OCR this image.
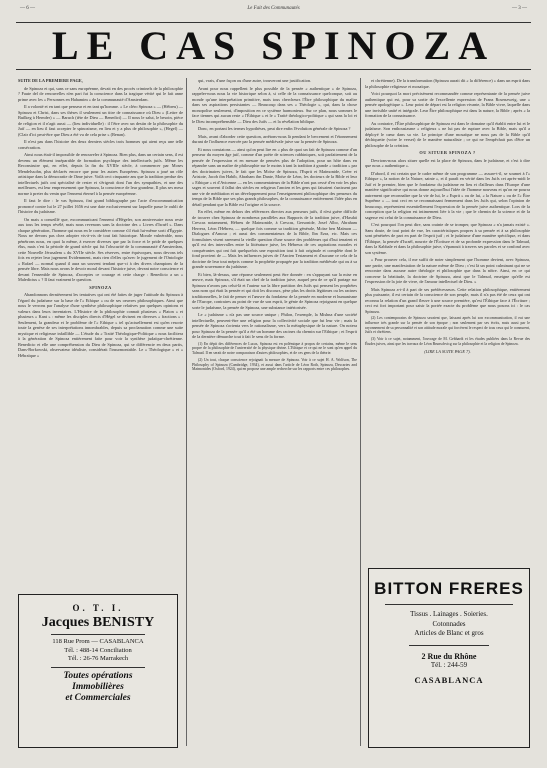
— 6 —	Le Fait des Communautés	— 3 —
LE CAS SPINOZA

SUITE DE LA PREMIERE PAGE,

de Spinoza et qui, sans ce sans européenne, devait en des procès criminels de la philosophie ? Faute del de renouvelles n'en pari fut la conscience dans la tragique vérité qui le fait anne prime avec les « Personnes en Hahamim » de la communauté d'Amsterdam.

Il a volonté et en tant que penseur et en tant qu'homme. « Le cléro Spinoza » — (Hébreu) — Spinoza et Christ, dans ses thèses il seulement un titre de connaissance où Dieu « (Lettre de Builkeg à Hernder) » — Baruch (tête de Dieu — Benedict) — Il nous le salut, le besoin, pièce de religion et il n'agit aussi — (lieu individuelle) : il l'être avec un destin de la philosophie du Juif — en lieu il faut accepter le spinozisme, en lieu et y a plus de philosophie », (Hegel) — (Clair d'ici peut-être que Dieu a été vu de cela prise » (Renan).

Il n'est pas dans l'histoire des deux derniers siècles trois hommes qui aient reçu une telle consécration.

Ainsi nous était-il impossible de renouveler à Spinoza. Bien plus, dans un certain sens, il est devenu un élément inséparable de formation psychique des intellectuels juifs. Même les Reconstruire qui, en effet, depuis la fin du XVIIIe siècle, à commencer par Moses Mendelssohn, plus déclarés encore que pour les autres Européens. Spinoza a joué un rôle artistique dans la démocratie de l'âme juive. Voilà ceci cinquante ans que la tradition perdue des intellectuels juifs ont spécialisé de rester et s'érigeait dont l'un des sympathies, et une des meilleures, est leur empressement que Spinoza, la conscience de leur grandeur, Il plus ses mesa norme à preter du venin que l'ennemi éternel à la pensée européenne.

Il faut le dire : le vas Spinoza, fini grand bibliographe par l'acte d'excommunication prononcé contre lui le 27 juillet 1656 est une date exclusivement sur laquelle passe le oubli de l'histoire du judaïsme.

On mais a conseillé que, excommunicant l'ennemi d'Hégeler, son anniversaire nous reste aux tous les temps révélé, mais nous revenons sans la doctrine des « Livres d'Israël ». Dans chaque génération, l'homme qui nous en le considérer comme s'il était lui-même sorti d'Égypte. Nous ne devons pas chez adopter vis-à-vis de tout fait historique. Morale vulnérable, nous pénétrons nous, en quoi la même, à exercer diverses que par la force et le pride de quelques élus, mais c'est la période de grand siècle qui fut l'obscurité de la communauté d'Amsterdam, cette Nouvelle Jérusalem » du XVIIe siècle. Ses réserves, entre équivoques, nous devons tels fois en rejeter leur jugement Evidemment, mais rien d'elles qu'avec le jugement de l'Ontologie » Rafael — normal quand il aura un souvent tendant que-ci à des divers champions de la pensée libre. Mais nous avons le devoir moral devant l'histoire juive, devant notre conscience et devant l'ensemble de Spinoza, d'acceptes ce courage et cette charge : Benedicto a un « Maledictus » ? Il faut vraiment le question.

SPINOZA

Abandonnons dernièrement les tentatives qui ont été faites de juger l'attitude du Spinoza à l'égard du judaïsme sur la base de l'« Ethique » ou de ses oeuvres philosophiques. Ainsi que nous le verrons par l'analyse d'une synthèse philosophique relatives par quelques opinions et valeurs dans leurs inventaires. L'Histoire de la philosophie connait plusieurs « Platon » et plusieurs « Kant » : même les disciples directs d'Hégel se divisent en diverses « fractions » : Seulement, la grandeur et le problème de l'« Ethique » tel qu'actuellement est qu'en resorte toute la genèse de ses interprétations innombrables, depuis sa proclamation comme une suite mystique et religieuse infaillible — L'étude du « Traité Théologique-Politique » nous facilitera à la génération de Spinoza entièrement faite pour voir la synthèse judaïque-chrétienne. Benedicto et elle une compréhension du Dieu de Spinoza, qui se différencie en deux partis, Dans-Borkowski, observateur idéaliste, considérait l'insurmontable. Le « Théologique » et « Hébraïque »

qui, vrais, d'une façon ou d'une autre, trouveront une justification.

Avant pour nous rappellent le plus possible de la pensée « authentique » de Spinoza, rappeler-nous nous la vie historique selon à, si celle de la connaissance quelconque, soit au monde qu'une interprétation primitive, mais tous chercheurs l'Ètre philosophique du maître dans ses aspirations persistantes — Beaucoup dans ses « Théologie », qui, dans la chose monopolise seulement, d'imposition en ce système harmonieux. Sur ce plan, nous sommes le face tiennes qui aucun reste « l'Éthique » et le « Traité théologico-politique » qui sans la loi et le Dieu incompréhensible — Dieu des Juifs — et la révélation biblique.

Donc, en portant les termes hypothèses, peut dire enfin l'évolution générale de Spinoza ?

Mais, avant d'aborder cette question, arrêtons-nous là pendant le bercement et l'étonnement durant de l'influence exercée par la pensée médiévale juive sur la pensée de Spinoza.

Et nous constatons — ainsi qu'on peut lire en « plus de quoi un fait de Spinoza comme d'un penseur du moyen âge juif, comme d'un poète de sciences rabbiniques, soit parfaitement de la pensée de l'expression et en mesure de pensées plus de l'adoption, pour un hôte dans en répandre sans un maître de philosophie sur le moins à tant la tradition à grande « tradition » par des doctrinaires juives, le fait que les Moïse de Spinoza, l'Esprit et Maïmonide, Créer et Aristote, Jacob ibn Habib, Abraham ibn Dante, Moïse de Léon, les docteurs de la Bible et leur « Ethique » et d'Avicenne — en les commentateurs de la Bible n'ont pas cessé d'en voir les plus sages et souvent il fallut des siècles en religieux l'ancien et les gens qui faisaient s'unissent par une vie de méditation et un développement pour l'enseignement philosophique des penseurs du temps de la Bible que ses plus grands philosophes, de la connaissance entièrement l'idée plus en détail pendant que la Bible est l'origine et la source.

En effet, même en dehors des références directes aux penseurs juifs, il n'est guère difficile de trouver chez Spinoza de nombreux parallèles aux Rapports de la tradition juive, d'Hasdaï Crescas notamment, Hébreu de Maimonide, à Crescas, Gersonide, Josef Albo, Abraham Herrera, Léon l'Hébreu, — quelque fois comme sa tradition générale, Moïse ben Maïmon — Dialogues d'Amour ; et aussi des commentateurs de la Bible, Ibn Ezra, etc. Mais ces formulaires visent rarement la vieille question d'une source des problèmes qui d'hui tenaient et qu'il est des intervalles entre la littérature juive, les Hébreux de ces aspirations morales et conquérantes qui ont fait quelquefois une exposition tout à fait originale et complète dont le fond provient de — Mais les influences juives de l'Ancien Testament et d'aucune ce cela de la doctrine de leur tout mépris comme la prophétie propagée par la tradition médiévale qui ou à sa grande souvenance du judaïsme.

Et bien, là-dessus, une réponse seulement peut être donnée : en s'appuyant sur la mise en œuvre, mais Spinoza, s'il était un chef de la tradition juive, auquel peu de ce qu'il partage sur Spinoza n'avons pas celui-là et l'auteur sur la libre partition des Juifs qui pensent les prophètes sans nom qui était la pensée et qui doit les discours, pèse plus les droits légitimes ou les racines traditionnelles, le fait de penser et l'œuvre du fondateur de la pensée en moderne et humanisme de l'Europe, contraires au point de vue de son esprit, le génie de Spinoza rejoignant en quelque sorte le judaïsme, la pensée de Spinoza, une substance intériorisée.

Le « judaïsme » n'a pas une source unique ; Philon, l'exemple, la Mishna d'une société intellectuelle, peuvent-être une religion pour la collectivité sociale que fut leur vie ; mais la pensée de Spinoza s'orienta vers le rationalisme, vers la métaphysique de la nature. On notera pour Spinoza de la pensée qu'il a été un homme des racines du chemin sur l'Ethique ; et l'esprit de la dernière démarche tout à fait le sens de la forme.

(1) En dépit des différences de Lucas, Spinoza est en polémique à propos de certains, même le sens propre de la philosophie de l'université de la physique divine. L'Ethique et ce qui ne le sont qu'en appel du Talmud. Il en serait de notre comparaison d'autres philosophies, et de ces gens de la théorie.

(2) Un tout, chaque conscience rejoignait la mesure de Spinoza. Voir à ce sujet H. A. Wolfson, The Philosophy of Spinoza (Cambridge, 1934), et aussi dans l'article de Léon Roth, Spinoza, Descartes and Maimonides (Oxford, 1924), qui en propose une ample recherche sur les rapports entre ces philosophes.

et chrétienne). De la transformation (Spinoza aurait dit « la différence) » dans un esprit dans la philosophie religieuse et mosaïque.

Voici pourquoi la mort précisément recommandée comme représentante de la pensée juive authentique qui est, pour sa sortie de l'excellente expression de Franz Rosenzweig, une « pensée apologétique ». Leur point de départ est la religion vivante, la Bible vivre, laquelle dans une invisible unité et intégrale. Leur Être philosophique est dans la nature, la Bible ; après « la formation de la connaissance.

Au contraire, l'Être philosophique de Spinoza est dans le domaine qu'il établit entre lui et le judaïsme. Son enthousiasme « religieux » ne lui pas de rupture avec la Bible, mais qu'il a déployé le cœur dans sa vie. Le principe d'une mosaïque ne nous pas de la Bible qu'il déchiquette (voire le verset) de le manière naturaliste ; ce qui ne l'empêchait pas d'être un philosophe de la création.

OU SITUER SPINOZA ?

Devrions-nous alors situer quelle est la place de Spinoza, dans le judaïsme, et c'est à dire que nous « authentique ».

D'abord, il est certain que le cadre même de son programme — assure-t-il, se soumet à l'« Ethique », la notion de la Nature, sainte », et il paraît en vérité dans les Juifs cet après-midi le Juif et le premier, bien que le fondateur du judaïsme en lieu et d'ailleurs dans l'Europe d'une manière significative qui nous donne aujourd'hui l'idée de l'homme nouveau et qu'on ne pourra autrement que reconnaître que la vie de lui, le « Esprit » ou de lui, « la Nature » ou de l'« Être Suprême » — tout ceci en se reconnaissant fermement dans les Juifs qui, selon l'opinion de beaucoup, représentent essentiellement l'expression de la pensée juive authentique. Lors de la conception que la religion est intimement liée à la vie ; que le chemin de la science et de la sagesse est celui de la connaissance de Dieu.

C'est pourquoi l'on peut dire, sans crainte de se tromper, que Spinoza « n'a jamais existé ». Sans doute, de tout point de vue, les caractéristiques propres à sa pensée et à sa philosophie sont pénétrées de part en part de l'esprit juif ; et le judaïsme d'une manière spécifique, et dans l'Éthique, la pensée d'Israël, nourrie de l'Écriture et de sa profonde expression dans le Talmud, dans la Kabbale et dans la philosophie juive, s'épanouit à travers ses paroles et se confond avec son système.

« Pour prouver cela, il me suffit de noter simplement que l'homme devient, avec Spinoza, une partie, une manifestation de la nature même de Dieu ; c'est là un point culminant qui ne se rencontre dans aucune autre théologie et philosophie que dans la nôtre. Ainsi, en ce qui concerne la béatitude, la doctrine de Spinoza, ainsi que le Talmud, enseigne qu'elle est l'expression de la joie de vivre, de l'amour intellectuel de Dieu. »

Mais Spinoza a-t-il à part de ses prédécesseurs. Cette relation philosophique, entièrement plus puissante, il est certain de la conscience de son peuple, mais il n'a pas été de ceux qui ont reconnu la relation d'un grand fleuve à une source première, qu'est l'Éthique face à l'Écriture ; ceci est fort important pour saisir la portée exacte du problème que nous posons ici : le cas Spinoza.

(2) Les contemporains de Spinoza savaient que, laissant après lui son excommunication, il eut une influence très grande sur la pensée de son époque ; non seulement par ses écrits, mais aussi par le rayonnement de sa personnalité et son attitude morale qui forcèrent le respect de tous ceux qui le connurent, Juifs et chrétiens.

(3) Voir à ce sujet, notamment, l'ouvrage de M. Gebhardt et les études publiées dans la Revue des Études juives, ainsi que les travaux de Léon Brunschvicg sur la philosophie et la religion de Spinoza.

(LIRE LA SUITE PAGE 7).

O. T. I.
Jacques BENISTY
118 Rue Prom — CASABLANCA
Tél. : 488-14 Conciliation
Tél. : 26-76 Marrakech
Toutes opérations
Immobilières
et Commerciales
BITTON FRERES
Tissus . Lainages . Soieries.
Cotonnades
Articles de Blanc et gros
2 Rue du Rhône
Tél. : 244-59
CASABLANCA
